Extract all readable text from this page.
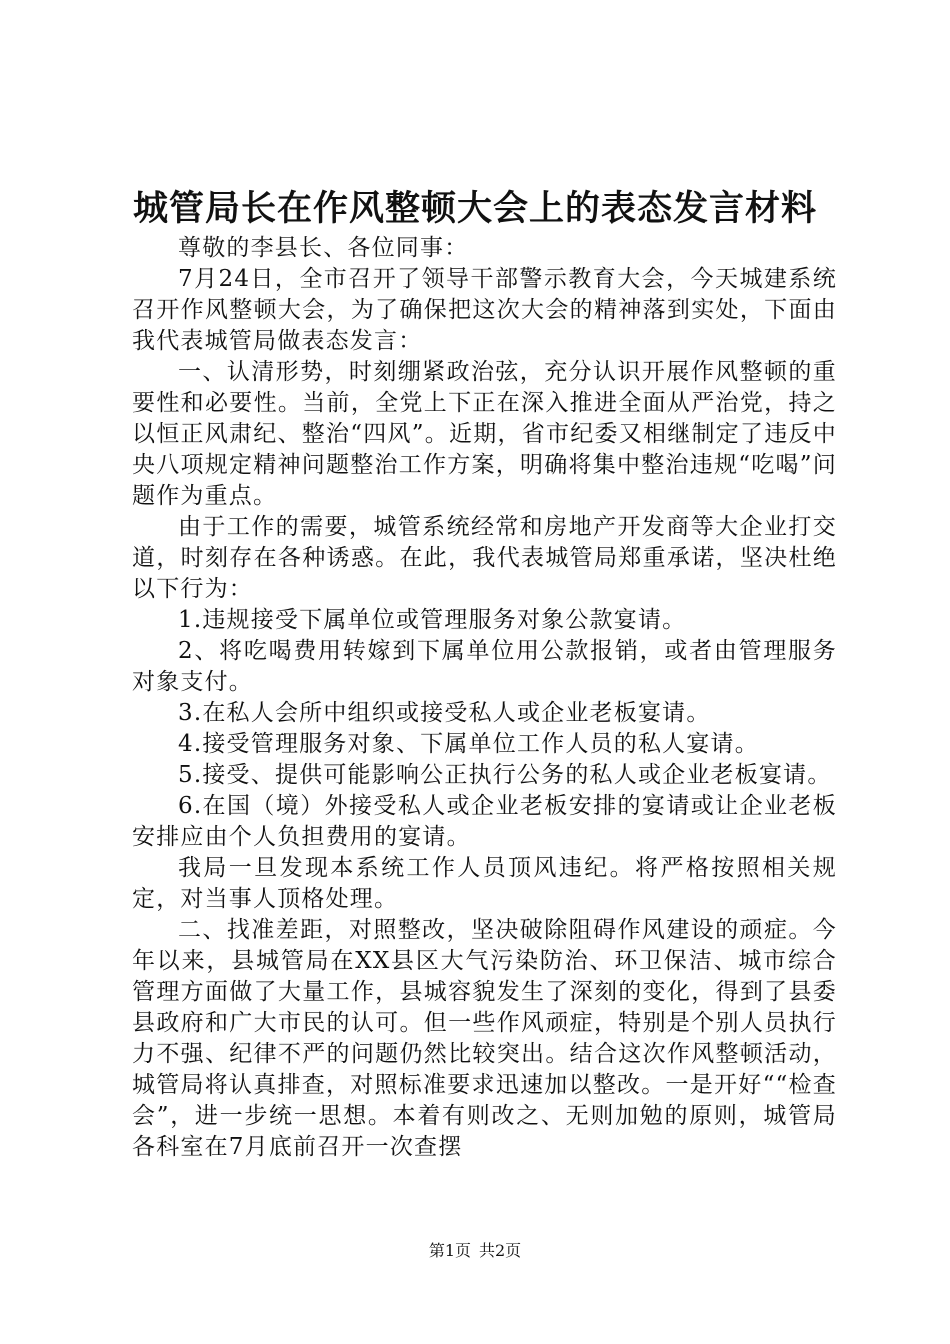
城管局长在作风整顿大会上的表态发言材料

尊敬的李县长、各位同事：

7月24日，全市召开了领导干部警示教育大会，今天城建系统召开作风整顿大会，为了确保把这次大会的精神落到实处，下面由我代表城管局做表态发言：

一、认清形势，时刻绷紧政治弦，充分认识开展作风整顿的重要性和必要性。当前，全党上下正在深入推进全面从严治党，持之以恒正风肃纪、整治“四风”。近期，省市纪委又相继制定了违反中央八项规定精神问题整治工作方案，明确将集中整治违规“吃喝”问题作为重点。

由于工作的需要，城管系统经常和房地产开发商等大企业打交道，时刻存在各种诱惑。在此，我代表城管局郑重承诺，坚决杜绝以下行为：

1.违规接受下属单位或管理服务对象公款宴请。

2、将吃喝费用转嫁到下属单位用公款报销，或者由管理服务对象支付。

3.在私人会所中组织或接受私人或企业老板宴请。

4.接受管理服务对象、下属单位工作人员的私人宴请。

5.接受、提供可能影响公正执行公务的私人或企业老板宴请。

6.在国（境）外接受私人或企业老板安排的宴请或让企业老板安排应由个人负担费用的宴请。

我局一旦发现本系统工作人员顶风违纪。将严格按照相关规定，对当事人顶格处理。

二、找准差距，对照整改，坚决破除阻碍作风建设的顽症。今年以来，县城管局在XX县区大气污染防治、环卫保洁、城市综合管理方面做了大量工作，县城容貌发生了深刻的变化，得到了县委县政府和广大市民的认可。但一些作风顽症，特别是个别人员执行力不强、纪律不严的问题仍然比较突出。结合这次作风整顿活动，城管局将认真排查，对照标准要求迅速加以整改。一是开好““检查会”，进一步统一思想。本着有则改之、无则加勉的原则，城管局各科室在7月底前召开一次查摆

第1页 共2页
